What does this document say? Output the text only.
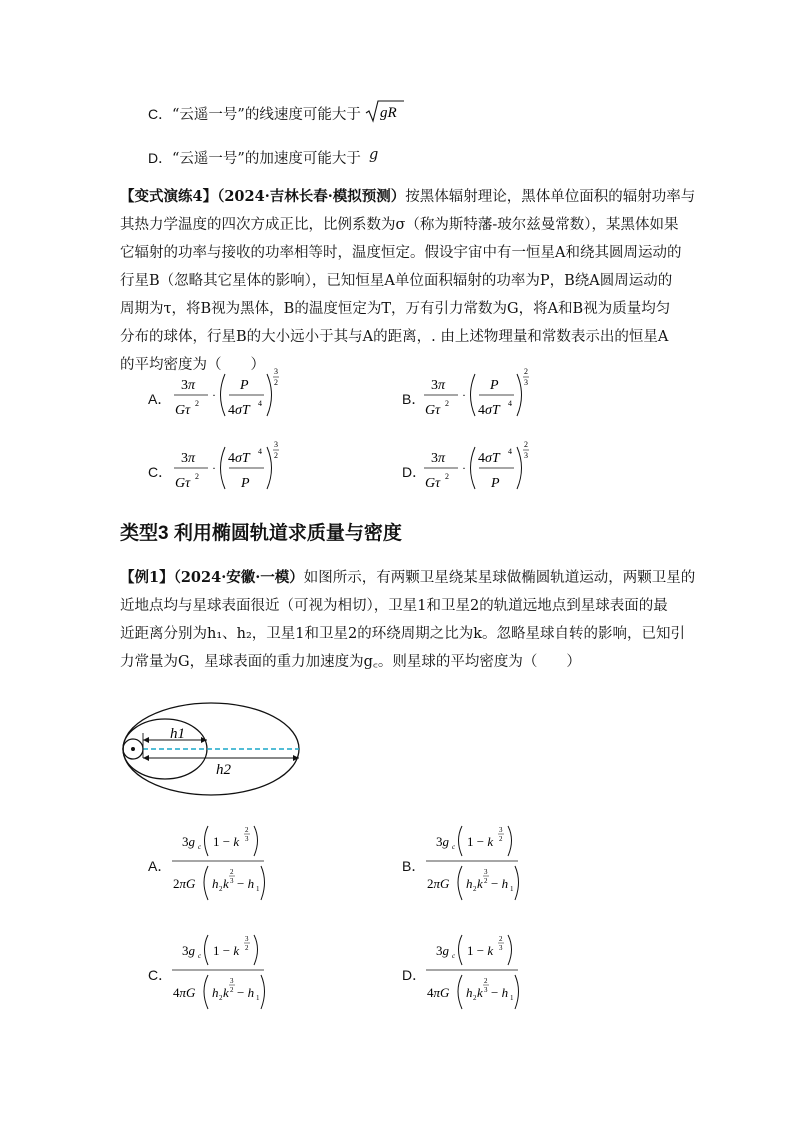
C． “云遥一号”的线速度可能大于 gR
D． “云遥一号”的加速度可能大于 g
【变式演练4】（2024·吉林长春·模拟预测）按黑体辐射理论，黑体单位面积的辐射功率与
其热力学温度的四次方成正比，比例系数为σ（称为斯特藩-玻尔兹曼常数），某黑体如果
它辐射的功率与接收的功率相等时，温度恒定。假设宇宙中有一恒星A和绕其圆周运动的
行星B（忽略其它星体的影响），已知恒星A单位面积辐射的功率为P，B绕A圆周运动的
周期为τ，将B视为黑体，B的温度恒定为T，万有引力常数为G，将A和B视为质量均匀
分布的球体，行星B的大小远小于其与A的距离，. 由上述物理量和常数表示出的恒星A
的平均密度为（　　）
A．
3π
Gτ 2
·
P
4σT 4
3
2
B．
3π
Gτ 2
·
P
4σT 4
2
3
C．
3π
Gτ 2
·
4σT 4
P
3
2
D．
3π
Gτ 2
·
4σT 4
P
2
3
类型3 利用椭圆轨道求质量与密度
【例1】（2024·安徽·一模）如图所示，有两颗卫星绕某星球做椭圆轨道运动，两颗卫星的
近地点均与星球表面很近（可视为相切），卫星1和卫星2的轨道远地点到星球表面的最
近距离分别为h₁、h₂，卫星1和卫星2的环绕周期之比为k。忽略星球自转的影响，已知引
力常量为G，星球表面的重力加速度为g꜀。则星球的平均密度为（　　）
h1
h2
A．
3g c 1 − k
2
3
2πG h 2 k
2
3 − h 1
B．
3g c 1 − k
3
2
2πG h 2 k
3
2 − h 1
C．
3g c 1 − k
3
2
4πG h 2 k
3
2 − h 1
D．
3g c 1 − k
2
3
4πG h 2 k
2
3 − h 1
